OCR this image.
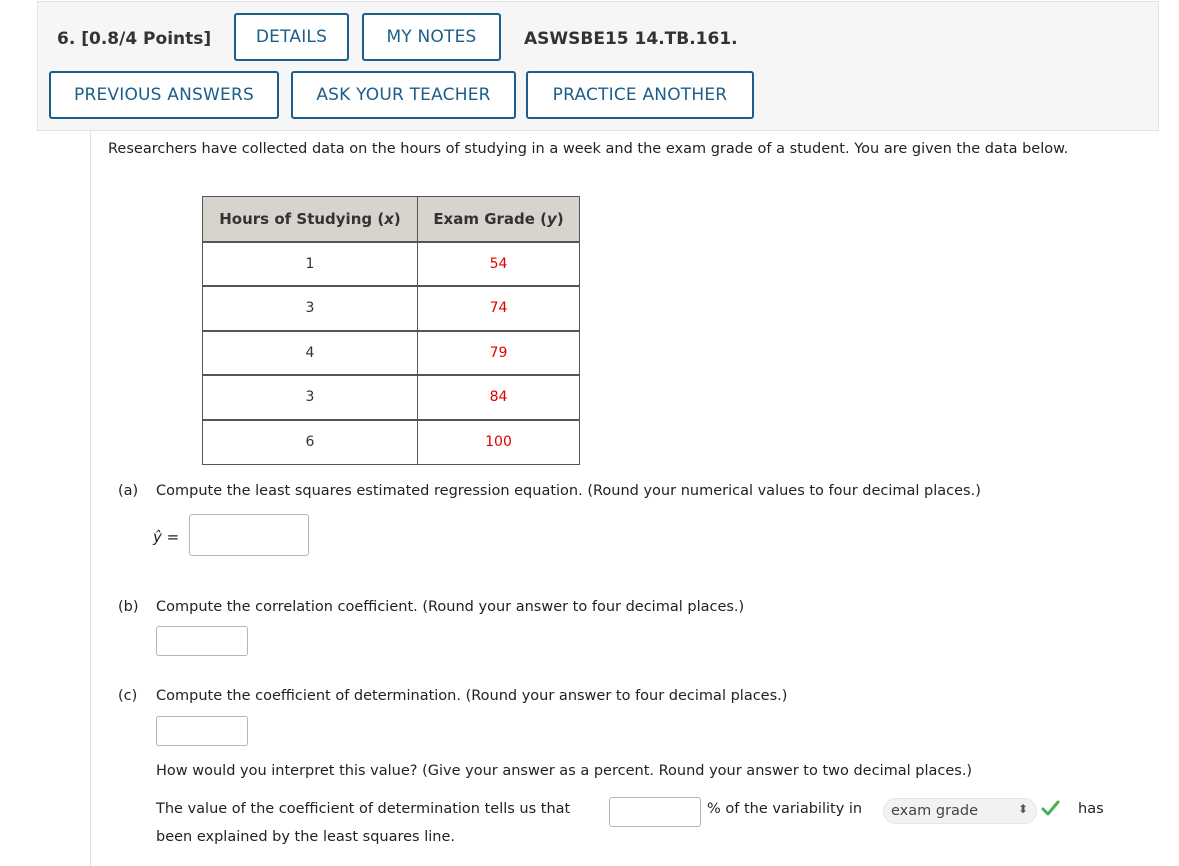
6. [0.8/4 Points]	DETAILS	MY NOTES	ASWSBE15 14.TB.161.
PREVIOUS ANSWERS	ASK YOUR TEACHER	PRACTICE ANOTHER

Researchers have collected data on the hours of studying in a week and the exam grade of a student. You are given the data below.

Hours of Studying (x)	Exam Grade (y)
1	54
3	74
4	79
3	84
6	100
(a) Compute the least squares estimated regression equation. (Round your numerical values to four decimal places.)
ŷ =
(b) Compute the correlation coefficient. (Round your answer to four decimal places.)
(c) Compute the coefficient of determination. (Round your answer to four decimal places.)
How would you interpret this value? (Give your answer as a percent. Round your answer to two decimal places.)
The value of the coefficient of determination tells us that	% of the variability in exam grade	⬍	has
been explained by the least squares line.
